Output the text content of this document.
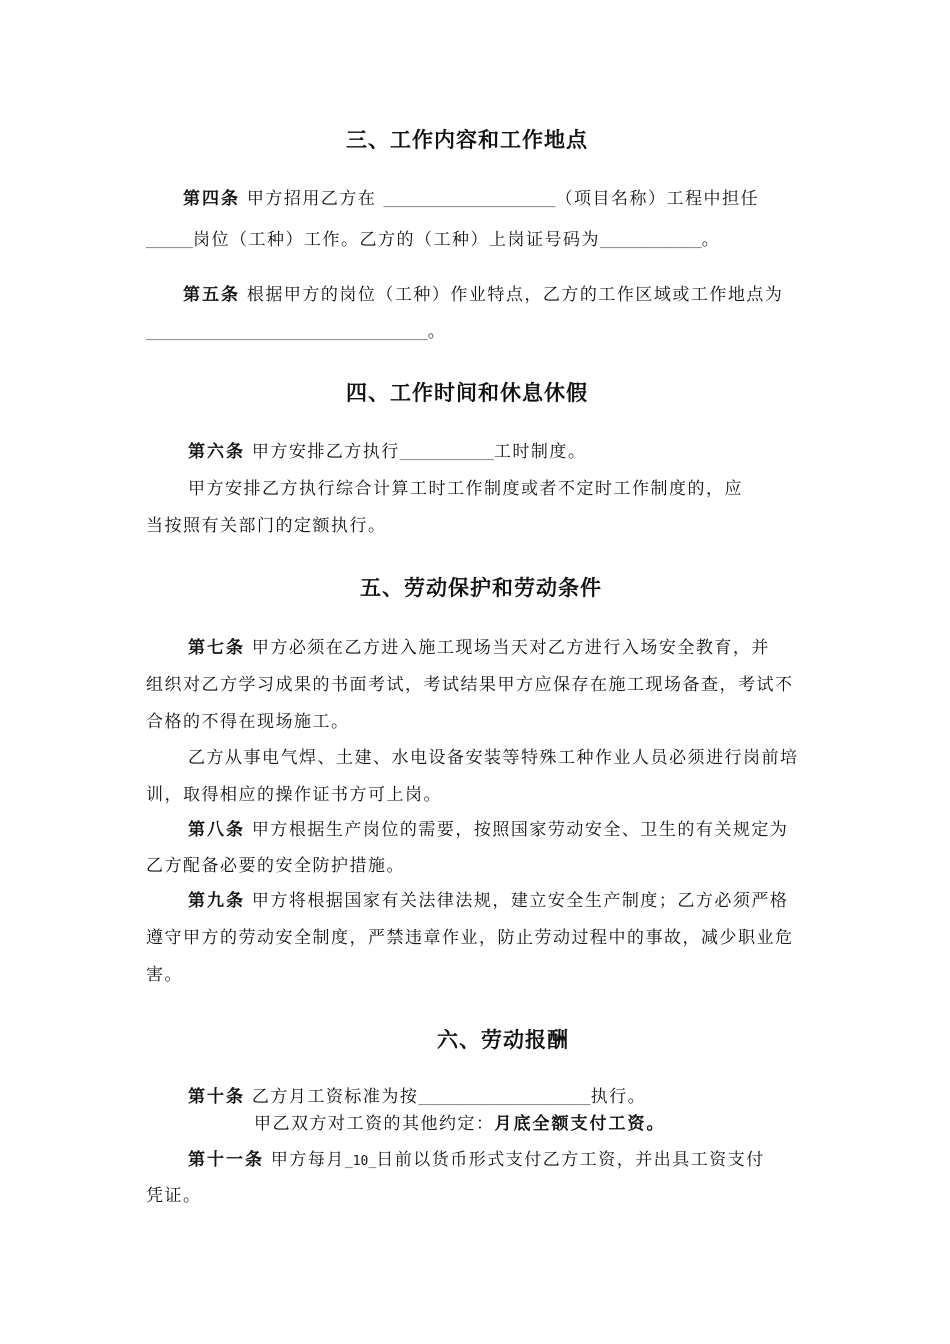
三、工作内容和工作地点

第四条 甲方招用乙方在 ______________________（项目名称）工程中担任

______岗位（工种）工作。乙方的（工种）上岗证号码为_____________。

第五条 根据甲方的岗位（工种）作业特点，乙方的工作区域或工作地点为

____________________________________。

四、工作时间和休息休假

第六条 甲方安排乙方执行____________工时制度。

甲方安排乙方执行综合计算工时工作制度或者不定时工作制度的，应

当按照有关部门的定额执行。

五、劳动保护和劳动条件

第七条 甲方必须在乙方进入施工现场当天对乙方进行入场安全教育，并

组织对乙方学习成果的书面考试，考试结果甲方应保存在施工现场备查，考试不

合格的不得在现场施工。

乙方从事电气焊、土建、水电设备安装等特殊工种作业人员必须进行岗前培

训，取得相应的操作证书方可上岗。

第八条 甲方根据生产岗位的需要，按照国家劳动安全、卫生的有关规定为

乙方配备必要的安全防护措施。

第九条 甲方将根据国家有关法律法规，建立安全生产制度；乙方必须严格

遵守甲方的劳动安全制度，严禁违章作业，防止劳动过程中的事故，减少职业危

害。

六、劳动报酬

第十条 乙方月工资标准为按______________________执行。

甲乙双方对工资的其他约定：月底全额支付工资。

第十一条 甲方每月_10_日前以货币形式支付乙方工资，并出具工资支付

凭证。
